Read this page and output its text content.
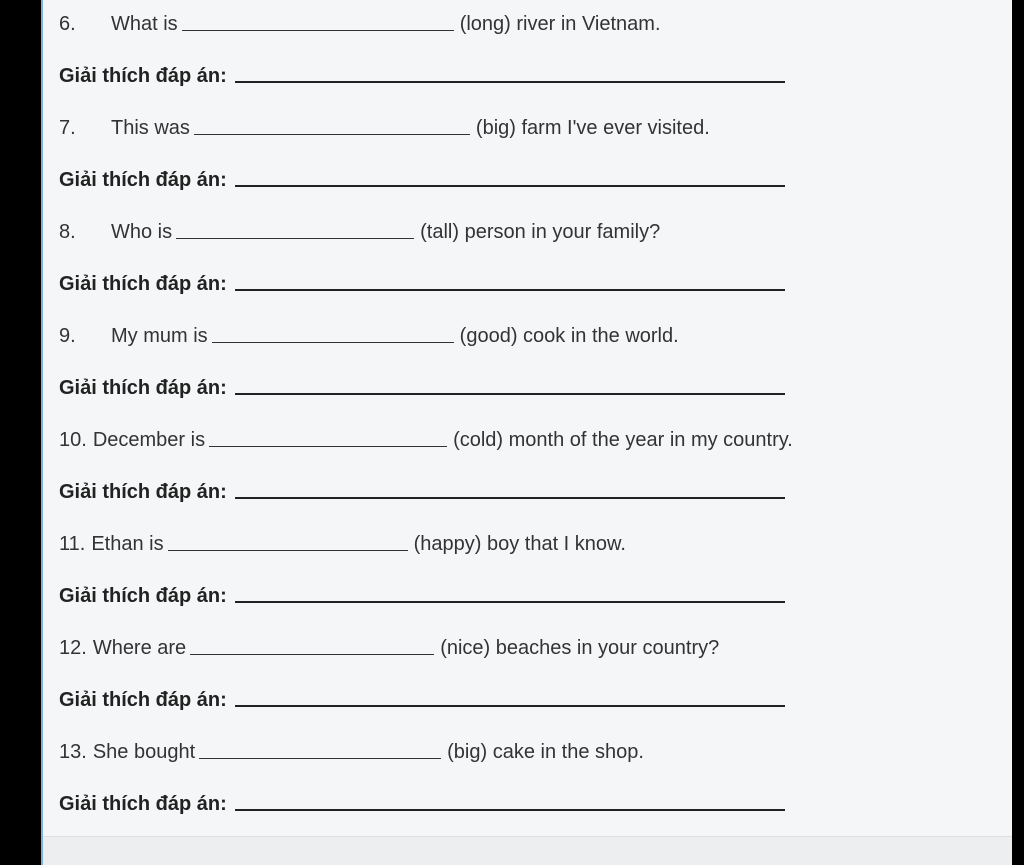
6.	What is	(long) river in Vietnam.
Giải thích đáp án:
7.	This was	(big) farm I've ever visited.
Giải thích đáp án:
8.	Who is	(tall) person in your family?
Giải thích đáp án:
9.	My mum is	(good) cook in the world.
Giải thích đáp án:
10. December is	(cold) month of the year in my country.
Giải thích đáp án:
11. Ethan is	(happy) boy that I know.
Giải thích đáp án:
12. Where are	(nice) beaches in your country?
Giải thích đáp án:
13. She bought	(big) cake in the shop.
Giải thích đáp án:
